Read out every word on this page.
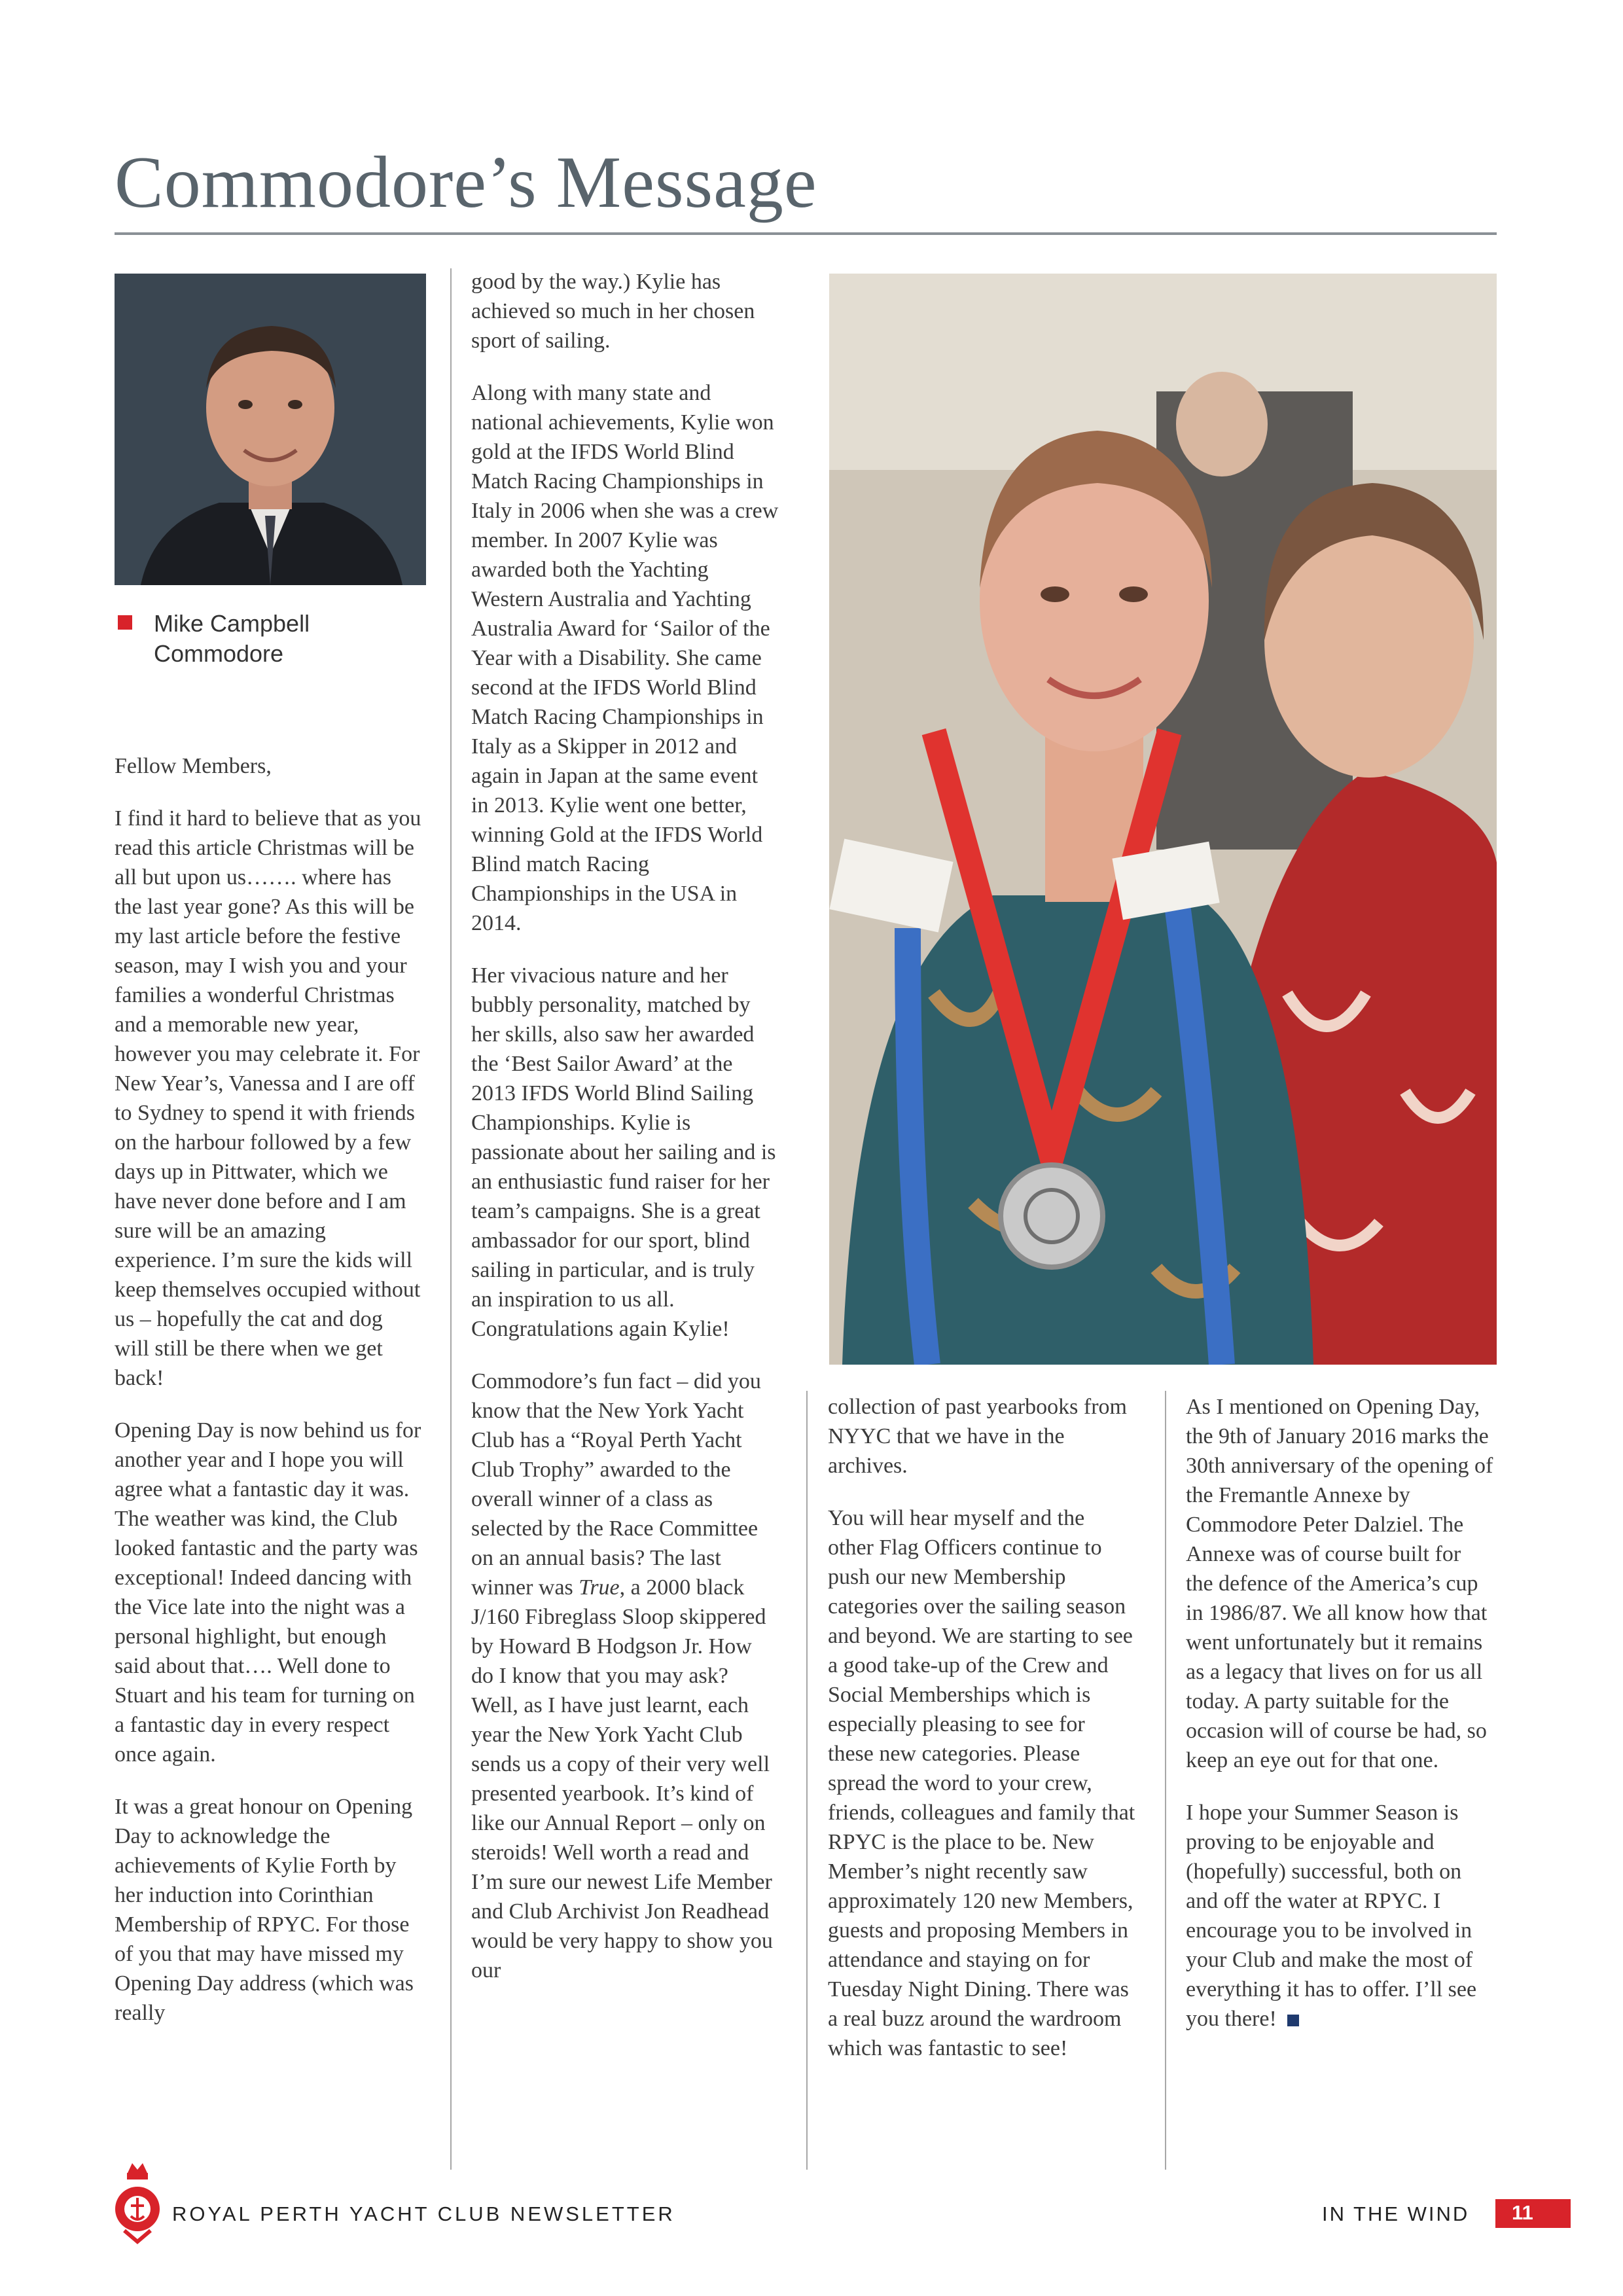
Commodore’s Message
Mike Campbell
Commodore

Fellow Members,

I find it hard to believe that as you read this article Christmas will be all but upon us……. where has the last year gone? As this will be my last article before the festive season, may I wish you and your families a wonderful Christmas and a memorable new year, however you may celebrate it. For New Year’s, Vanessa and I are off to Sydney to spend it with friends on the harbour followed by a few days up in Pittwater, which we have never done before and I am sure will be an amazing experience. I’m sure the kids will keep themselves occupied without us – hopefully the cat and dog will still be there when we get back!

Opening Day is now behind us for another year and I hope you will agree what a fantastic day it was. The weather was kind, the Club looked fantastic and the party was exceptional! Indeed dancing with the Vice late into the night was a personal highlight, but enough said about that…. Well done to Stuart and his team for turning on a fantastic day in every respect once again.

It was a great honour on Opening Day to acknowledge the achievements of Kylie Forth by her induction into Corinthian Membership of RPYC. For those of you that may have missed my Opening Day address (which was really

good by the way.) Kylie has achieved so much in her chosen sport of sailing.

Along with many state and national achievements, Kylie won gold at the IFDS World Blind Match Racing Championships in Italy in 2006 when she was a crew member. In 2007 Kylie was awarded both the Yachting Western Australia and Yachting Australia Award for ‘Sailor of the Year with a Disability. She came second at the IFDS World Blind Match Racing Championships in Italy as a Skipper in 2012 and again in Japan at the same event in 2013. Kylie went one better, winning Gold at the IFDS World Blind match Racing Championships in the USA in 2014.

Her vivacious nature and her bubbly personality, matched by her skills, also saw her awarded the ‘Best Sailor Award’ at the 2013 IFDS World Blind Sailing Championships. Kylie is passionate about her sailing and is an enthusiastic fund raiser for her team’s campaigns. She is a great ambassador for our sport, blind sailing in particular, and is truly an inspiration to us all. Congratulations again Kylie!

Commodore’s fun fact – did you know that the New York Yacht Club has a “Royal Perth Yacht Club Trophy” awarded to the overall winner of a class as selected by the Race Committee on an annual basis? The last winner was True, a 2000 black J/160 Fibreglass Sloop skippered by Howard B Hodgson Jr. How do I know that you may ask? Well, as I have just learnt, each year the New York Yacht Club sends us a copy of their very well presented yearbook. It’s kind of like our Annual Report – only on steroids! Well worth a read and I’m sure our newest Life Member and Club Archivist Jon Readhead would be very happy to show you our

collection of past yearbooks from NYYC that we have in the archives.

You will hear myself and the other Flag Officers continue to push our new Membership categories over the sailing season and beyond. We are starting to see a good take-up of the Crew and Social Memberships which is especially pleasing to see for these new categories. Please spread the word to your crew, friends, colleagues and family that RPYC is the place to be. New Member’s night recently saw approximately 120 new Members, guests and proposing Members in attendance and staying on for Tuesday Night Dining. There was a real buzz around the wardroom which was fantastic to see!

As I mentioned on Opening Day, the 9th of January 2016 marks the 30th anniversary of the opening of the Fremantle Annexe by Commodore Peter Dalziel. The Annexe was of course built for the defence of the America’s cup in 1986/87. We all know how that went unfortunately but it remains as a legacy that lives on for us all today. A party suitable for the occasion will of course be had, so keep an eye out for that one.

I hope your Summer Season is proving to be enjoyable and (hopefully) successful, both on and off the water at RPYC. I encourage you to be involved in your Club and make the most of everything it has to offer. I’ll see you there!

ROYAL PERTH YACHT CLUB NEWSLETTER	IN THE WIND 11
